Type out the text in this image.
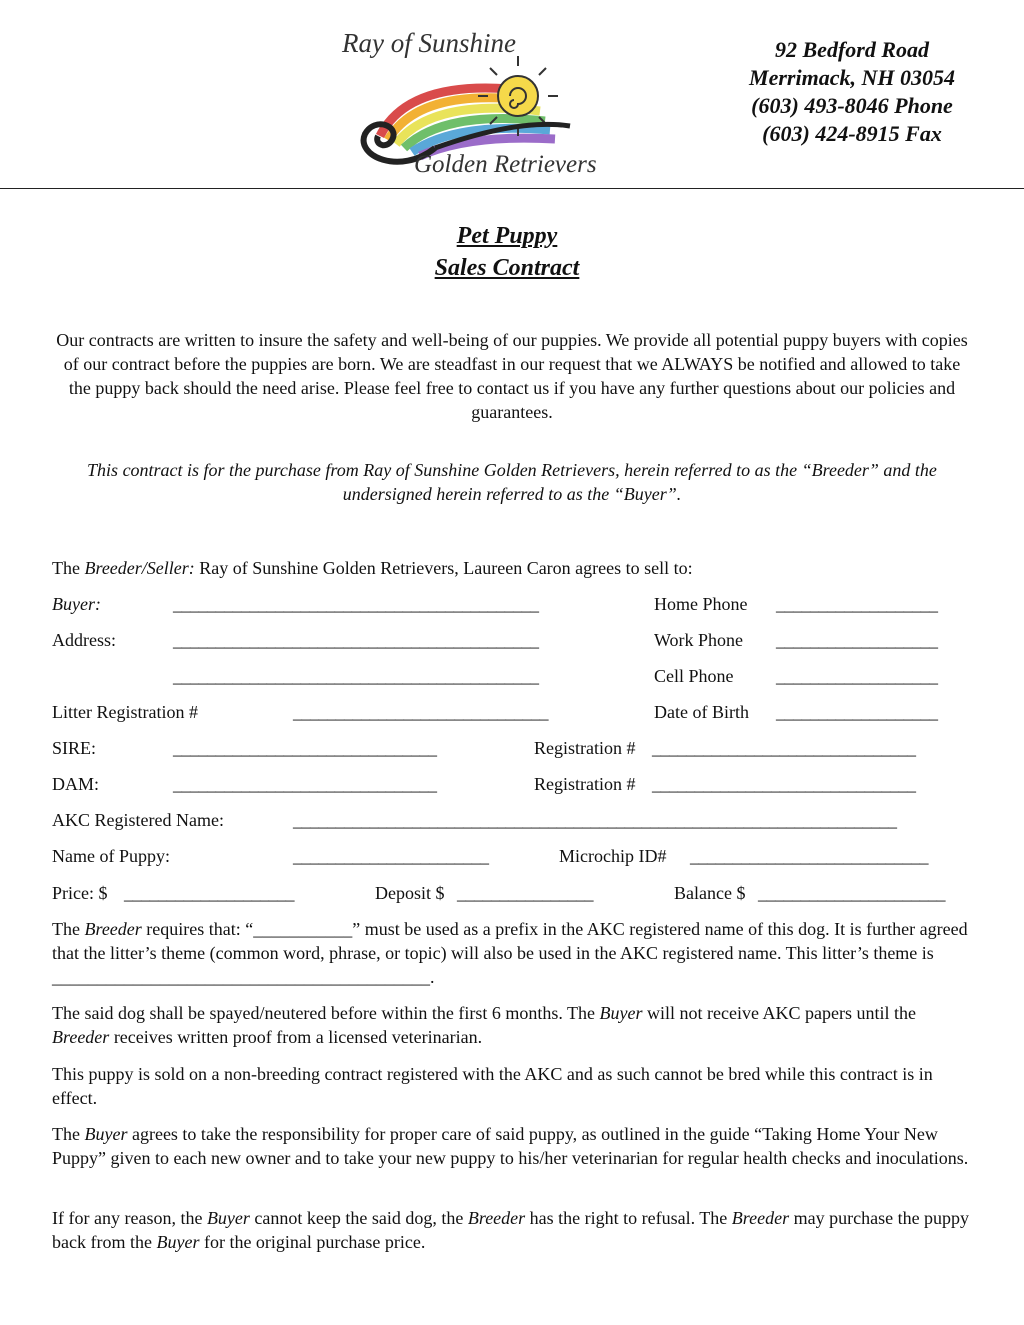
Ray of Sunshine
Golden Retrievers
92 Bedford Road
Merrimack, NH 03054
(603) 493-8046 Phone
(603) 424-8915 Fax
Pet Puppy
Sales Contract
Our contracts are written to insure the safety and well-being of our puppies. We provide all potential puppy buyers with copies of our contract before the puppies are born. We are steadfast in our request that we ALWAYS be notified and allowed to take the puppy back should the need arise. Please feel free to contact us if you have any further questions about our policies and guarantees.
This contract is for the purchase from Ray of Sunshine Golden Retrievers, herein referred to as the “Breeder” and the undersigned herein referred to as the “Buyer”.
The Breeder/Seller: Ray of Sunshine Golden Retrievers, Laureen Caron agrees to sell to:
Buyer:	___________________________________________	Home Phone ___________________
Address:	___________________________________________	Work Phone ___________________
___________________________________________	Cell Phone ___________________
Litter Registration #	______________________________	Date of Birth ___________________
SIRE:	_______________________________	Registration # _______________________________
DAM:	_______________________________	Registration # _______________________________
AKC Registered Name:	_______________________________________________________________________
Name of Puppy:	_______________________	Microchip ID# ____________________________
Price: $ ____________________	Deposit $ ________________	Balance $ ______________________
The Breeder requires that: “___________” must be used as a prefix in the AKC registered name of this dog. It is further agreed that the litter’s theme (common word, phrase, or topic) will also be used in the AKC registered name. This litter’s theme is __________________________________________.
The said dog shall be spayed/neutered before within the first 6 months. The Buyer will not receive AKC papers until the Breeder receives written proof from a licensed veterinarian.
This puppy is sold on a non-breeding contract registered with the AKC and as such cannot be bred while this contract is in effect.
The Buyer agrees to take the responsibility for proper care of said puppy, as outlined in the guide “Taking Home Your New Puppy” given to each new owner and to take your new puppy to his/her veterinarian for regular health checks and inoculations.
If for any reason, the Buyer cannot keep the said dog, the Breeder has the right to refusal. The Breeder may purchase the puppy back from the Buyer for the original purchase price.
